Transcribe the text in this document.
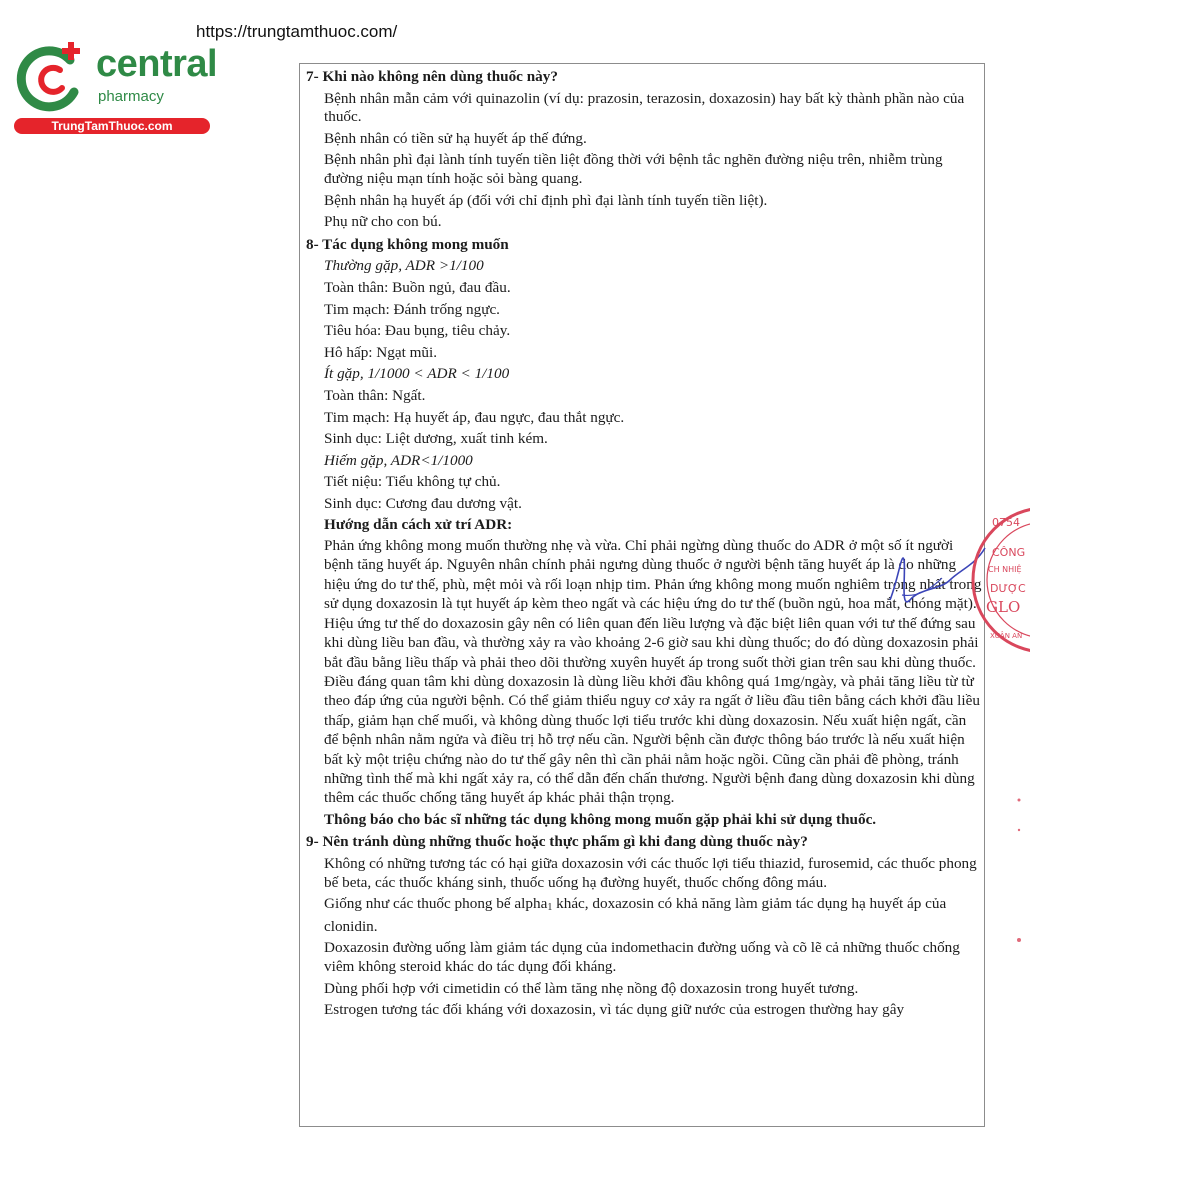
central
pharmacy
TrungTamThuoc.com
https://trungtamthuoc.com/

7- Khi nào không nên dùng thuốc này?

Bệnh nhân mẫn cảm với quinazolin (ví dụ: prazosin, terazosin, doxazosin) hay bất kỳ thành phần nào của thuốc.

Bệnh nhân có tiền sử hạ huyết áp thế đứng.

Bệnh nhân phì đại lành tính tuyến tiền liệt đồng thời với bệnh tắc nghẽn đường niệu trên, nhiễm trùng đường niệu mạn tính hoặc sỏi bàng quang.

Bệnh nhân hạ huyết áp (đối với chỉ định phì đại lành tính tuyến tiền liệt).

Phụ nữ cho con bú.

8- Tác dụng không mong muốn

Thường gặp, ADR >1/100

Toàn thân: Buồn ngủ, đau đầu.

Tim mạch: Đánh trống ngực.

Tiêu hóa: Đau bụng, tiêu chảy.

Hô hấp: Ngạt mũi.

Ít gặp, 1/1000 < ADR < 1/100

Toàn thân: Ngất.

Tim mạch: Hạ huyết áp, đau ngực, đau thắt ngực.

Sinh dục: Liệt dương, xuất tinh kém.

Hiếm gặp, ADR<1/1000

Tiết niệu: Tiểu không tự chủ.

Sinh dục: Cương đau dương vật.

Hướng dẫn cách xử trí ADR:

Phản ứng không mong muốn thường nhẹ và vừa. Chỉ phải ngừng dùng thuốc do ADR ở một số ít người bệnh tăng huyết áp. Nguyên nhân chính phải ngưng dùng thuốc ở người bệnh tăng huyết áp là do những hiệu ứng do tư thế, phù, mệt mỏi và rối loạn nhịp tim. Phản ứng không mong muốn nghiêm trọng nhất trong sử dụng doxazosin là tụt huyết áp kèm theo ngất và các hiệu ứng do tư thế (buồn ngủ, hoa mắt, chóng mặt). Hiệu ứng tư thế do doxazosin gây nên có liên quan đến liều lượng và đặc biệt liên quan với tư thế đứng sau khi dùng liều ban đầu, và thường xảy ra vào khoảng 2-6 giờ sau khi dùng thuốc; do đó dùng doxazosin phải bắt đầu bằng liều thấp và phải theo dõi thường xuyên huyết áp trong suốt thời gian trên sau khi dùng thuốc. Điều đáng quan tâm khi dùng doxazosin là dùng liều khởi đầu không quá 1mg/ngày, và phải tăng liều từ từ theo đáp ứng của người bệnh. Có thể giảm thiểu nguy cơ xảy ra ngất ở liều đầu tiên bằng cách khởi đầu liều thấp, giảm hạn chế muối, và không dùng thuốc lợi tiểu trước khi dùng doxazosin. Nếu xuất hiện ngất, cần để bệnh nhân nằm ngửa và điều trị hỗ trợ nếu cần. Người bệnh cần được thông báo trước là nếu xuất hiện bất kỳ một triệu chứng nào do tư thế gây nên thì cần phải nằm hoặc ngồi. Cũng cần phải đề phòng, tránh những tình thế mà khi ngất xảy ra, có thể dẫn đến chấn thương. Người bệnh đang dùng doxazosin khi dùng thêm các thuốc chống tăng huyết áp khác phải thận trọng.

Thông báo cho bác sĩ những tác dụng không mong muốn gặp phải khi sử dụng thuốc.

9- Nên tránh dùng những thuốc hoặc thực phẩm gì khi đang dùng thuốc này?

Không có những tương tác có hại giữa doxazosin với các thuốc lợi tiểu thiazid, furosemid, các thuốc phong bế beta, các thuốc kháng sinh, thuốc uống hạ đường huyết, thuốc chống đông máu.

Giống như các thuốc phong bế alpha$_1$ khác, doxazosin có khả năng làm giảm tác dụng hạ huyết áp của clonidin.

Doxazosin đường uống làm giảm tác dụng của indomethacin đường uống và cõ lẽ cả những thuốc chống viêm không steroid khác do tác dụng đối kháng.

Dùng phối hợp với cimetidin có thể làm tăng nhẹ nồng độ doxazosin trong huyết tương.

Estrogen tương tác đối kháng với doxazosin, vì tác dụng giữ nước của estrogen thường hay gây

0754
CÔNG
CH NHIỆ
DƯỢC
GLO
XUÂN AN
